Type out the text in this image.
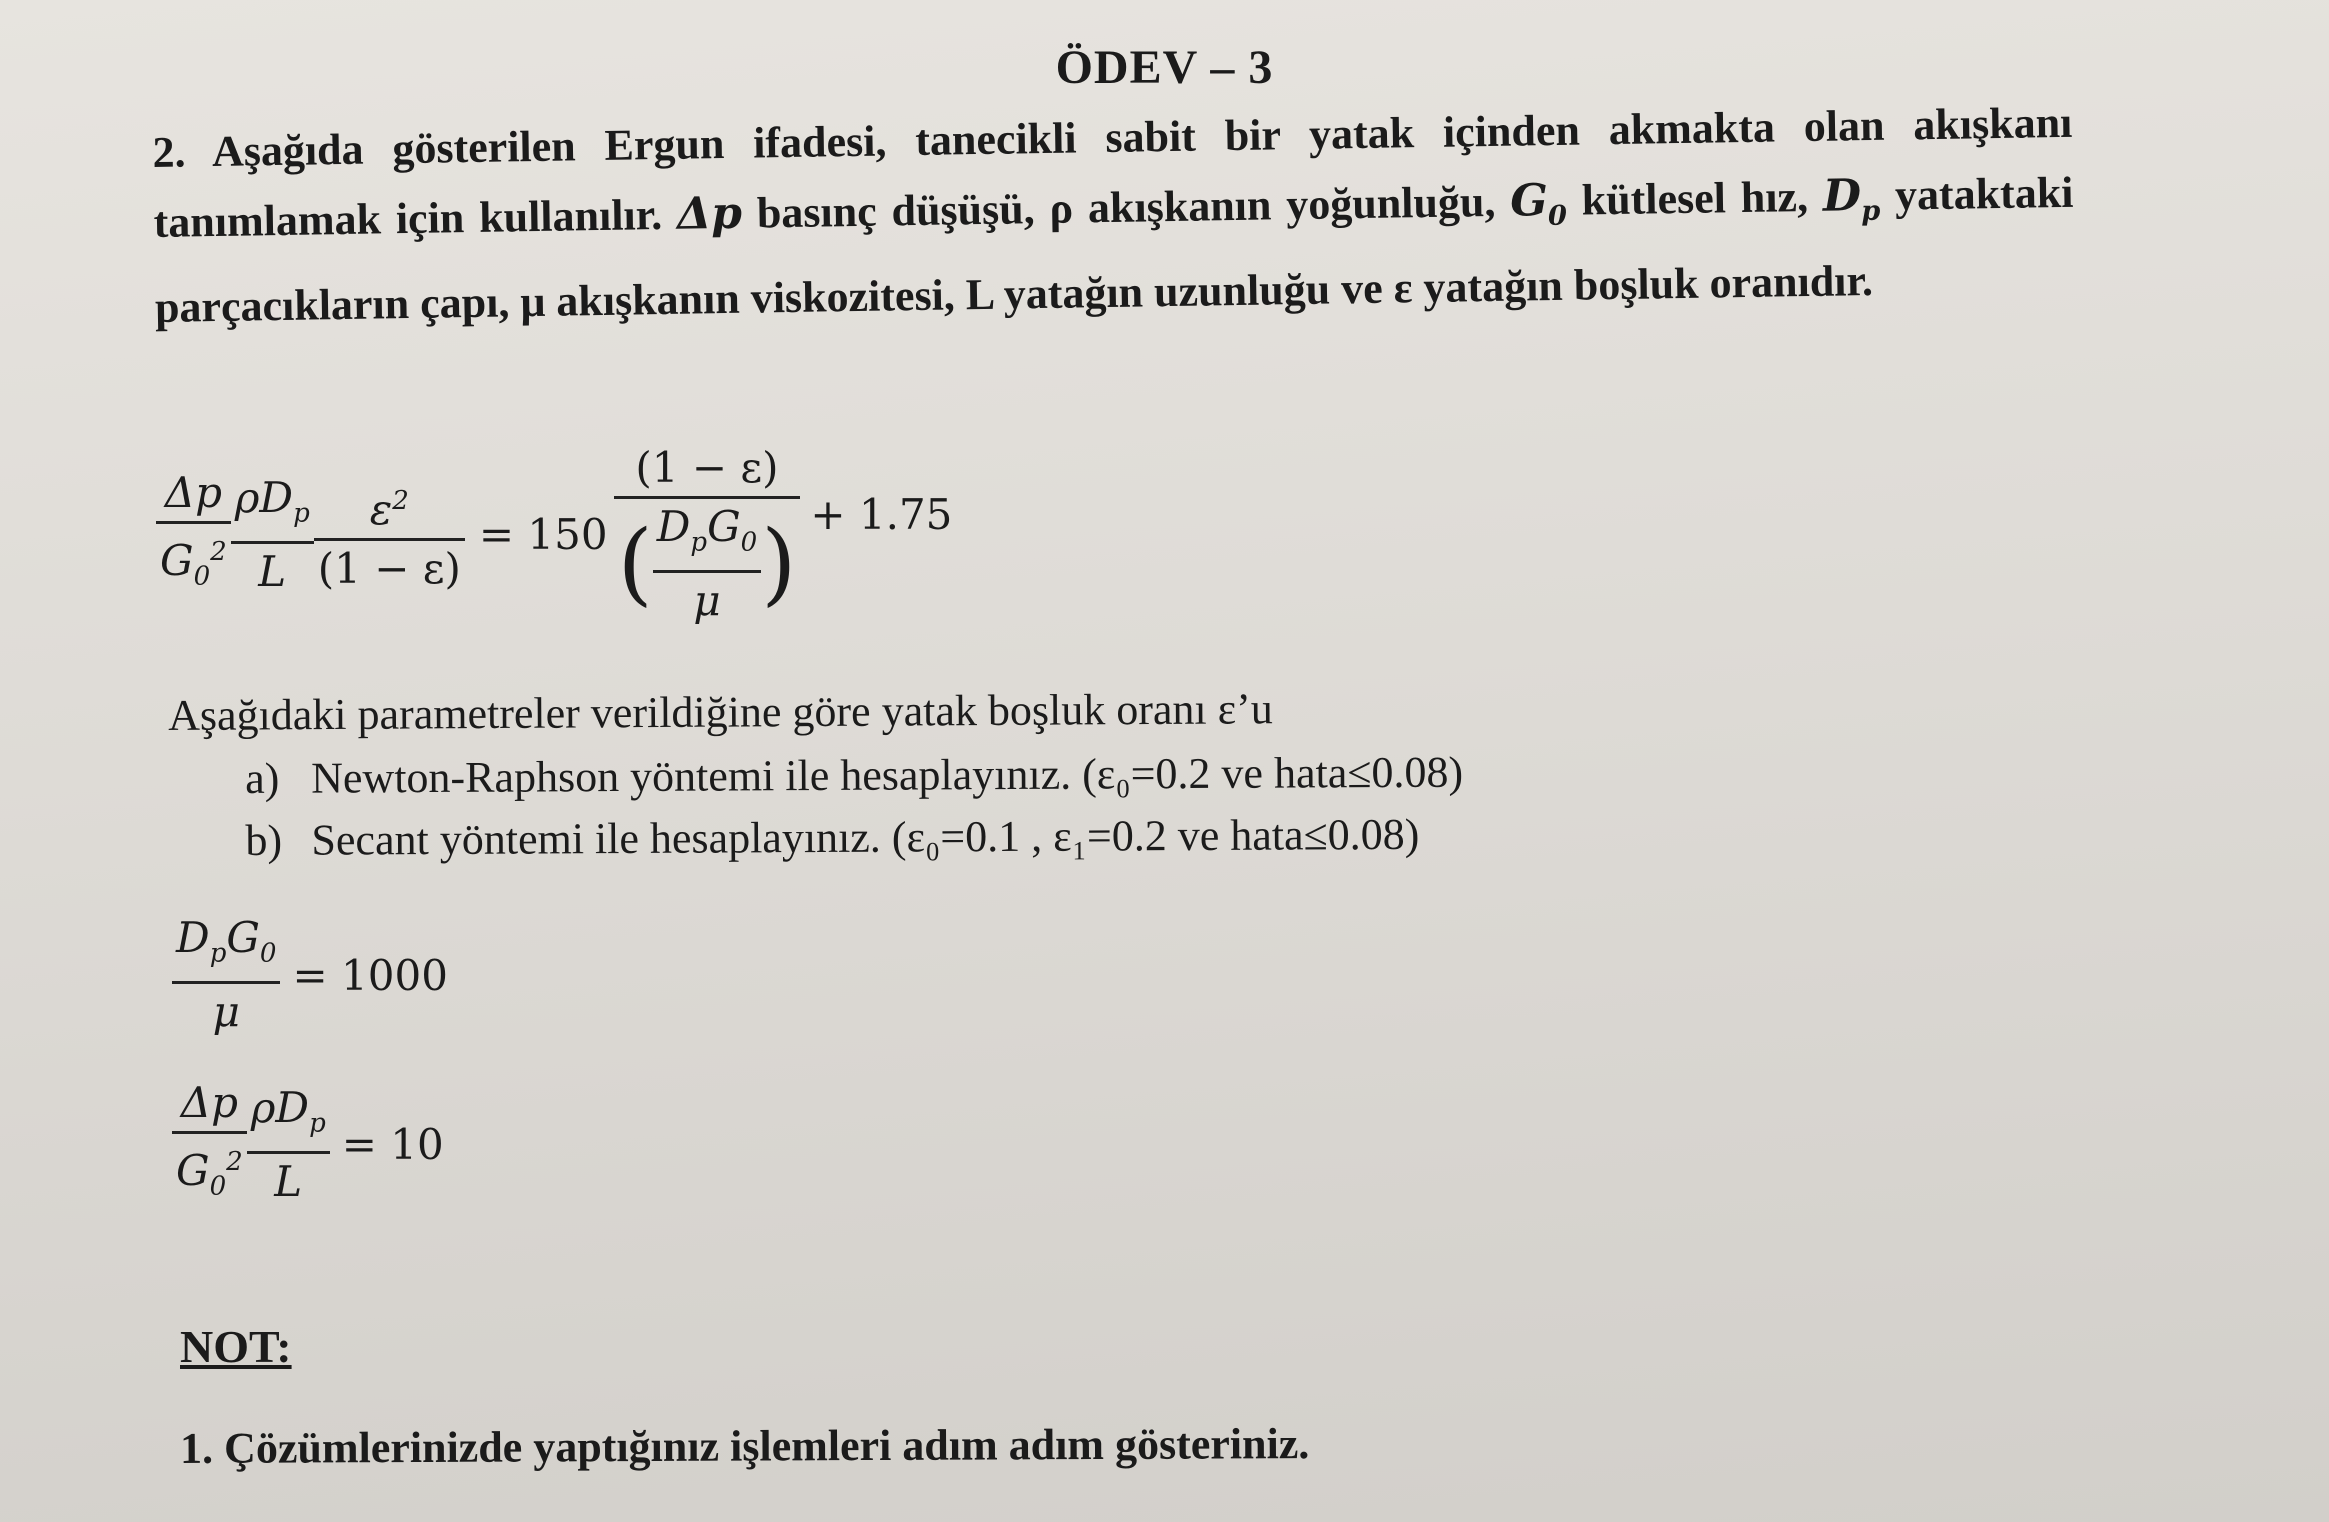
ÖDEV – 3
2. Aşağıda gösterilen Ergun ifadesi, tanecikli sabit bir yatak içinden akmakta olan akışkanı tanımlamak için kullanılır. Δp basınç düşüşü, ρ akışkanın yoğunluğu, $G_0$ kütlesel hız, $D_p$ yataktaki parçacıkların çapı, μ akışkanın viskozitesi, L yatağın uzunluğu ve ε yatağın boşluk oranıdır.
$\frac{\Delta p}{G_0^2} \frac{\rho D_p}{L} \frac{\varepsilon^2}{(1 - \varepsilon)} = 150$
(1 − ε)
( $\frac{D_pG_0}{\mu}$ ) + 1.75
Aşağıdaki parametreler verildiğine göre yatak boşluk oranı ε’u
a) Newton-Raphson yöntemi ile hesaplayınız. (ε₀=0.2 ve hata≤0.08)
b) Secant yöntemi ile hesaplayınız. (ε₀=0.1 , ε₁=0.2 ve hata≤0.08)
$\frac{D_pG_0}{\mu} = 1000$
$\frac{\Delta p}{G_0^2} \frac{\rho D_p}{L} = 10$
NOT:
1. Çözümlerinizde yaptığınız işlemleri adım adım gösteriniz.
